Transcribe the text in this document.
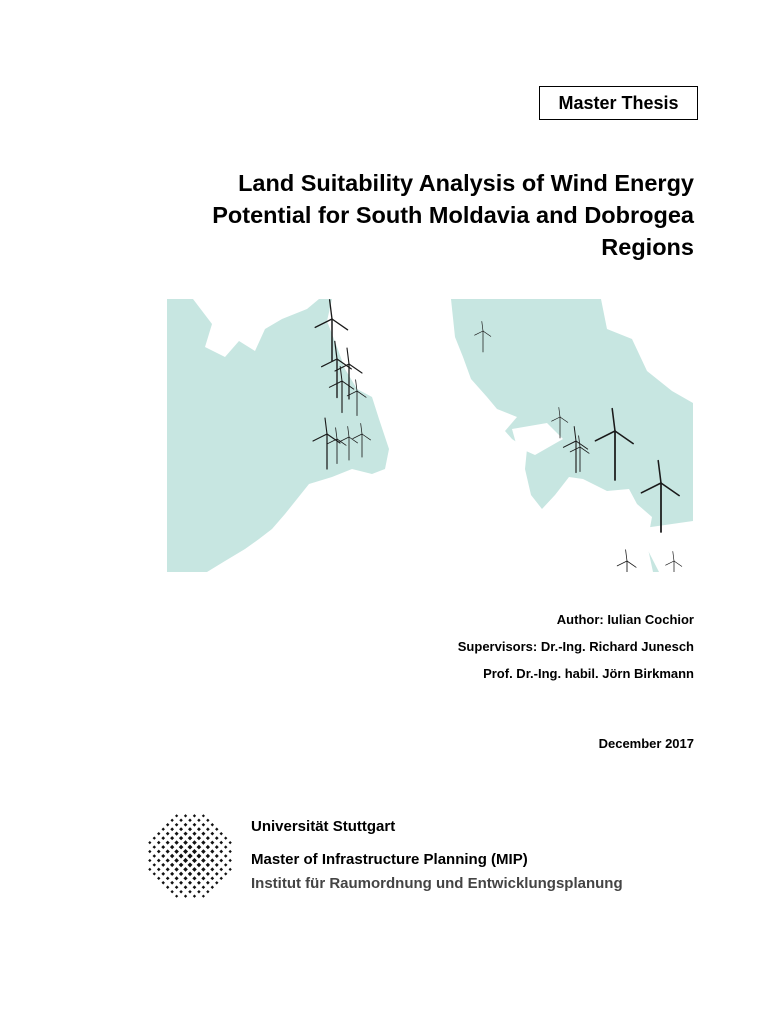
Master Thesis
Land Suitability Analysis of Wind Energy
Potential for South Moldavia and Dobrogea
Regions
Author: Iulian Cochior
Supervisors: Dr.-Ing. Richard Junesch
Prof. Dr.-Ing. habil. Jörn Birkmann
December 2017
Universität Stuttgart
Master of Infrastructure Planning (MIP)
Institut für Raumordnung und Entwicklungsplanung
